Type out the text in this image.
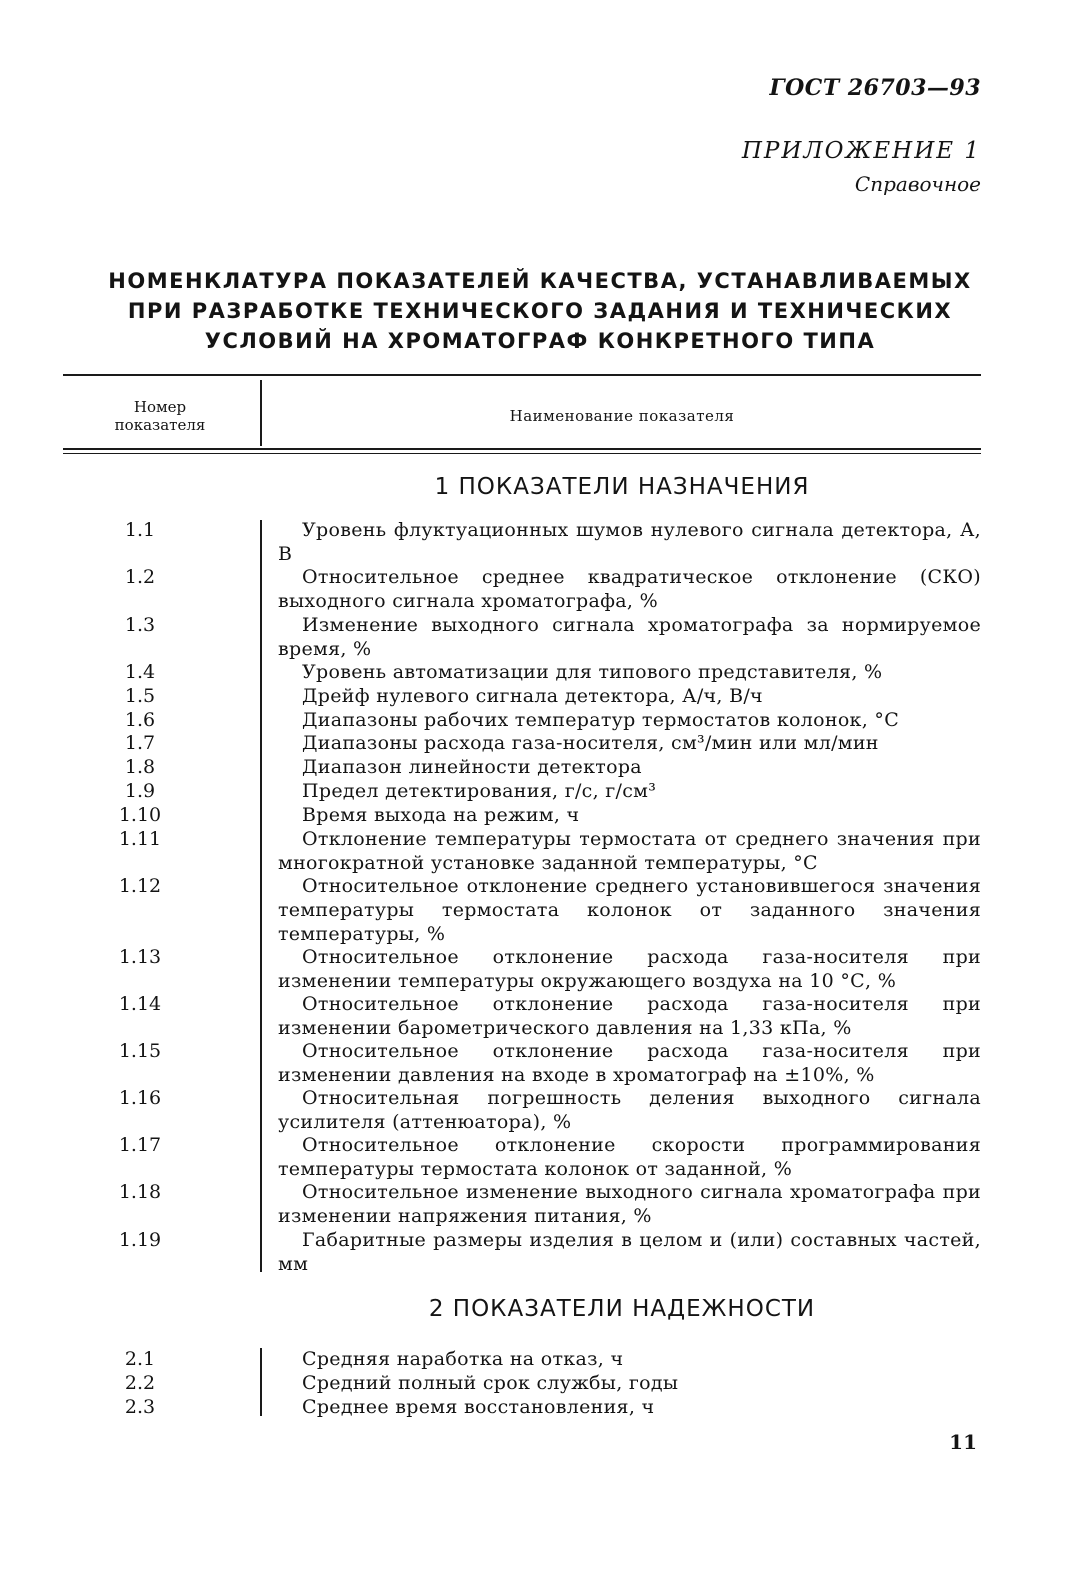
ГОСТ 26703—93
ПРИЛОЖЕНИЕ 1
Справочное
НОМЕНКЛАТУРА ПОКАЗАТЕЛЕЙ КАЧЕСТВА, УСТАНАВЛИВАЕМЫХ
ПРИ РАЗРАБОТКЕ ТЕХНИЧЕСКОГО ЗАДАНИЯ И ТЕХНИЧЕСКИХ
УСЛОВИЙ НА ХРОМАТОГРАФ КОНКРЕТНОГО ТИПА
Номер
показателя	Наименование показателя
1 ПОКАЗАТЕЛИ НАЗНАЧЕНИЯ
1.1	Уровень флуктуационных шумов нулевого сигнала детектора, А, В
1.2	Относительное среднее квадратическое отклонение (СКО) выходного сигнала хроматографа, %
1.3	Изменение выходного сигнала хроматографа за нормируемое время, %
1.4	Уровень автоматизации для типового представителя, %
1.5	Дрейф нулевого сигнала детектора, А/ч, В/ч
1.6	Диапазоны рабочих температур термостатов колонок, °С
1.7	Диапазоны расхода газа-носителя, см³/мин или мл/мин
1.8	Диапазон линейности детектора
1.9	Предел детектирования, г/с, г/см³
1.10	Время выхода на режим, ч
1.11	Отклонение температуры термостата от среднего значения при многократной установке заданной температуры, °С
1.12	Относительное отклонение среднего установившегося значения температуры термостата колонок от заданного значения температуры, %
1.13	Относительное отклонение расхода газа-носителя при изменении температуры окружающего воздуха на 10 °С, %
1.14	Относительное отклонение расхода газа-носителя при изменении барометрического давления на 1,33 кПа, %
1.15	Относительное отклонение расхода газа-носителя при изменении давления на входе в хроматограф на ±10%, %
1.16	Относительная погрешность деления выходного сигнала усилителя (аттенюатора), %
1.17	Относительное отклонение скорости программирования температуры термостата колонок от заданной, %
1.18	Относительное изменение выходного сигнала хроматографа при изменении напряжения питания, %
1.19	Габаритные размеры изделия в целом и (или) составных частей, мм
2 ПОКАЗАТЕЛИ НАДЕЖНОСТИ
2.1	Средняя наработка на отказ, ч
2.2	Средний полный срок службы, годы
2.3	Среднее время восстановления, ч
11
